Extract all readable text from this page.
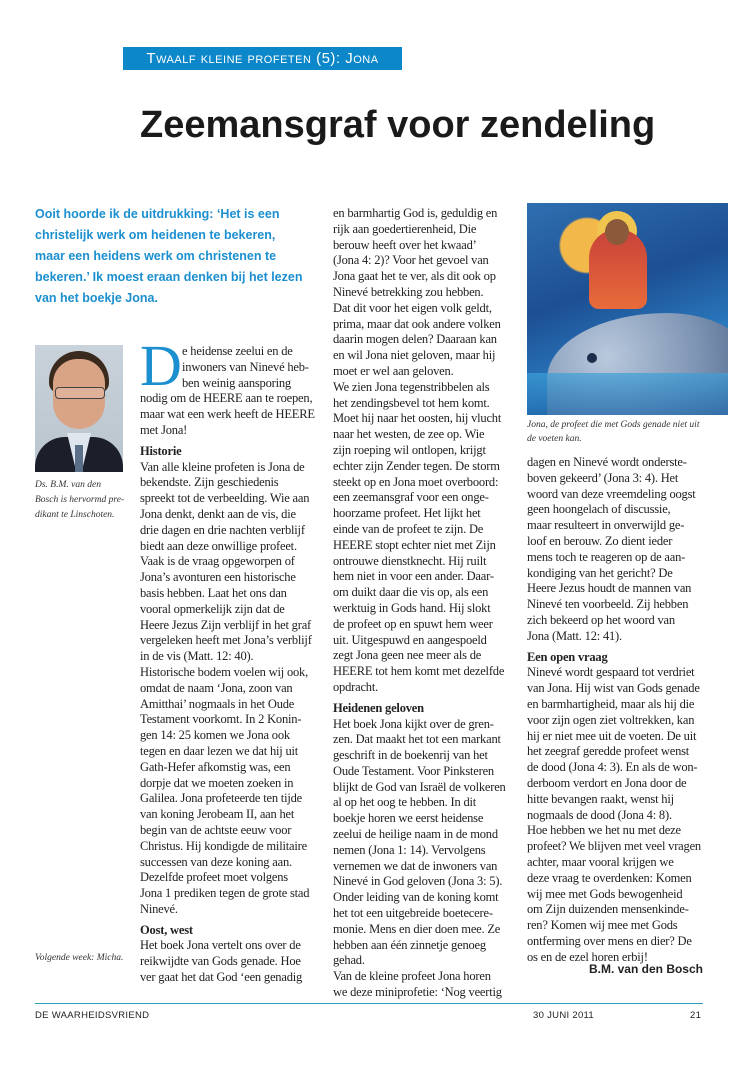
Twaalf kleine profeten (5): Jona
Zeemansgraf voor zendeling
Ooit hoorde ik de uitdrukking: ‘Het is een
christelijk werk om heidenen te bekeren,
maar een heidens werk om christenen te
bekeren.’ Ik moest eraan denken bij het lezen
van het boekje Jona.
Ds. B.M. van den
Bosch is hervormd pre-
dikant te Linschoten.
Volgende week: Micha.
D e heidense zeelui en de
inwoners van Ninevé heb-
ben weinig aansporing
nodig om de HEERE aan te roepen,
maar wat een werk heeft de HEERE
met Jona!
Historie
Van alle kleine profeten is Jona de
bekendste. Zijn geschiedenis
spreekt tot de verbeelding. Wie aan
Jona denkt, denkt aan de vis, die
drie dagen en drie nachten verblijf
biedt aan deze onwillige profeet.
Vaak is de vraag opgeworpen of
Jona’s avonturen een historische
basis hebben. Laat het ons dan
vooral opmerkelijk zijn dat de
Heere Jezus Zijn verblijf in het graf
vergeleken heeft met Jona’s verblijf
in de vis (Matt. 12: 40).
Historische bodem voelen wij ook,
omdat de naam ‘Jona, zoon van
Amitthai’ nogmaals in het Oude
Testament voorkomt. In 2 Konin-
gen 14: 25 komen we Jona ook
tegen en daar lezen we dat hij uit
Gath-Hefer afkomstig was, een
dorpje dat we moeten zoeken in
Galilea. Jona profeteerde ten tijde
van koning Jerobeam II, aan het
begin van de achtste eeuw voor
Christus. Hij kondigde de militaire
successen van deze koning aan.
Dezelfde profeet moet volgens
Jona 1 prediken tegen de grote stad
Ninevé.
Oost, west
Het boek Jona vertelt ons over de
reikwijdte van Gods genade. Hoe
ver gaat het dat God ‘een genadig
en barmhartig God is, geduldig en
rijk aan goedertierenheid, Die
berouw heeft over het kwaad’
(Jona 4: 2)? Voor het gevoel van
Jona gaat het te ver, als dit ook op
Ninevé betrekking zou hebben.
Dat dit voor het eigen volk geldt,
prima, maar dat ook andere volken
daarin mogen delen? Daaraan kan
en wil Jona niet geloven, maar hij
moet er wel aan geloven.
We zien Jona tegenstribbelen als
het zendingsbevel tot hem komt.
Moet hij naar het oosten, hij vlucht
naar het westen, de zee op. Wie
zijn roeping wil ontlopen, krijgt
echter zijn Zender tegen. De storm
steekt op en Jona moet overboord:
een zeemansgraf voor een onge-
hoorzame profeet. Het lijkt het
einde van de profeet te zijn. De
HEERE stopt echter niet met Zijn
ontrouwe dienstknecht. Hij ruilt
hem niet in voor een ander. Daar-
om duikt daar die vis op, als een
werktuig in Gods hand. Hij slokt
de profeet op en spuwt hem weer
uit. Uitgespuwd en aangespoeld
zegt Jona geen nee meer als de
HEERE tot hem komt met dezelfde
opdracht.
Heidenen geloven
Het boek Jona kijkt over de gren-
zen. Dat maakt het tot een markant
geschrift in de boekenrij van het
Oude Testament. Voor Pinksteren
blijkt de God van Israël de volkeren
al op het oog te hebben. In dit
boekje horen we eerst heidense
zeelui de heilige naam in de mond
nemen (Jona 1: 14). Vervolgens
vernemen we dat de inwoners van
Ninevé in God geloven (Jona 3: 5).
Onder leiding van de koning komt
het tot een uitgebreide boetecere-
monie. Mens en dier doen mee. Ze
hebben aan één zinnetje genoeg
gehad.
Van de kleine profeet Jona horen
we deze miniprofetie: ‘Nog veertig
Jona, de profeet die met Gods genade niet uit
de voeten kan.
dagen en Ninevé wordt onderste-
boven gekeerd’ (Jona 3: 4). Het
woord van deze vreemdeling oogst
geen hoongelach of discussie,
maar resulteert in onverwijld ge-
loof en berouw. Zo dient ieder
mens toch te reageren op de aan-
kondiging van het gericht? De
Heere Jezus houdt de mannen van
Ninevé ten voorbeeld. Zij hebben
zich bekeerd op het woord van
Jona (Matt. 12: 41).
Een open vraag
Ninevé wordt gespaard tot verdriet
van Jona. Hij wist van Gods genade
en barmhartigheid, maar als hij die
voor zijn ogen ziet voltrekken, kan
hij er niet mee uit de voeten. De uit
het zeegraf geredde profeet wenst
de dood (Jona 4: 3). En als de won-
derboom verdort en Jona door de
hitte bevangen raakt, wenst hij
nogmaals de dood (Jona 4: 8).
Hoe hebben we het nu met deze
profeet? We blijven met veel vragen
achter, maar vooral krijgen we
deze vraag te overdenken: Komen
wij mee met Gods bewogenheid
om Zijn duizenden mensenkinde-
ren? Komen wij mee met Gods
ontferming over mens en dier? De
os en de ezel horen erbij!
B.M. van den Bosch
DE WAARHEIDSVRIEND	30 JUNI 2011	21
